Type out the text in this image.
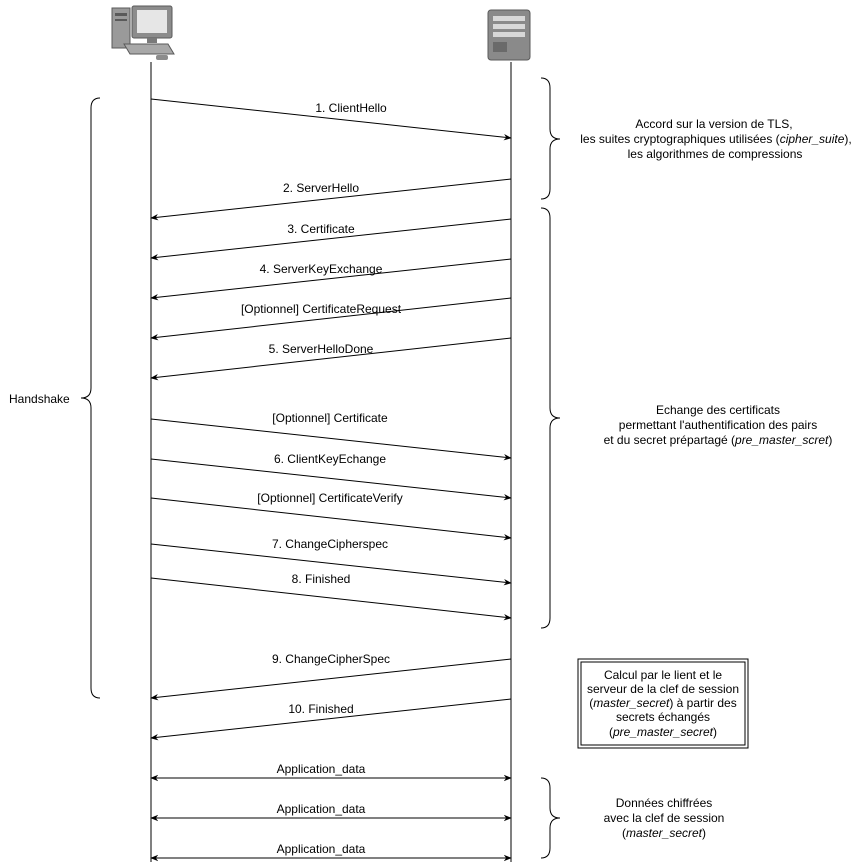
Handshake
1. ClientHello
2. ServerHello
3. Certificate
4. ServerKeyExchange
[Optionnel] CertificateRequest
5. ServerHelloDone
[Optionnel] Certificate
6. ClientKeyEchange
[Optionnel] CertificateVerify
7. ChangeCipherspec
8. Finished
9. ChangeCipherSpec
10. Finished
Application_data
Application_data
Application_data
Accord sur la version de TLS,
les suites cryptographiques utilisées (cipher_suite),
les algorithmes de compressions
Echange des certificats
permettant l'authentification des pairs
et du secret prépartagé (pre_master_scret)
Calcul par le lient et le
serveur de la clef de session
(master_secret) à partir des
secrets échangés
(pre_master_secret)
Données chiffrées
avec la clef de session
(master_secret)
